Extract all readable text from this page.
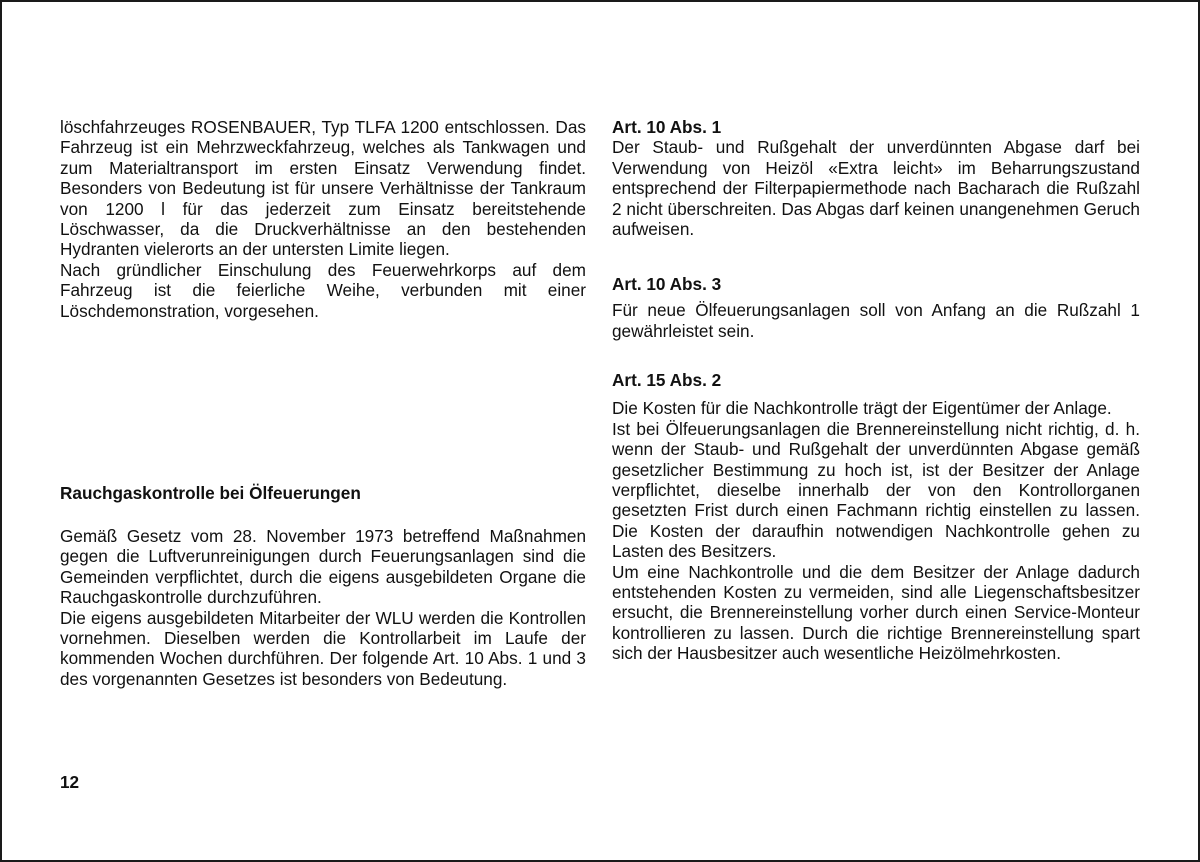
löschfahrzeuges ROSENBAUER, Typ TLFA 1200 entschlossen. Das Fahrzeug ist ein Mehrzweckfahrzeug, welches als Tankwagen und zum Materialtransport im ersten Einsatz Verwendung findet. Besonders von Bedeutung ist für unsere Verhältnisse der Tankraum von 1200 l für das jederzeit zum Einsatz bereitstehende Löschwasser, da die Druckverhältnisse an den bestehenden Hydranten vielerorts an der untersten Limite liegen.

Nach gründlicher Einschulung des Feuerwehrkorps auf dem Fahrzeug ist die feierliche Weihe, verbunden mit einer Löschdemonstration, vorgesehen.

Rauchgaskontrolle bei Ölfeuerungen

Gemäß Gesetz vom 28. November 1973 betreffend Maßnahmen gegen die Luftverunreinigungen durch Feuerungsanlagen sind die Gemeinden verpflichtet, durch die eigens ausgebildeten Organe die Rauchgaskontrolle durchzuführen.

Die eigens ausgebildeten Mitarbeiter der WLU werden die Kontrollen vornehmen. Dieselben werden die Kontrollarbeit im Laufe der kommenden Wochen durchführen. Der folgende Art. 10 Abs. 1 und 3 des vorgenannten Gesetzes ist besonders von Bedeutung.

12

Art. 10 Abs. 1

Der Staub- und Rußgehalt der unverdünnten Abgase darf bei Verwendung von Heizöl «Extra leicht» im Beharrungszustand entsprechend der Filterpapiermethode nach Bacharach die Rußzahl 2 nicht überschreiten. Das Abgas darf keinen unangenehmen Geruch aufweisen.

Art. 10 Abs. 3

Für neue Ölfeuerungsanlagen soll von Anfang an die Rußzahl 1 gewährleistet sein.

Art. 15 Abs. 2

Die Kosten für die Nachkontrolle trägt der Eigentümer der Anlage.

Ist bei Ölfeuerungsanlagen die Brennereinstellung nicht richtig, d. h. wenn der Staub- und Rußgehalt der unverdünnten Abgase gemäß gesetzlicher Bestimmung zu hoch ist, ist der Besitzer der Anlage verpflichtet, dieselbe innerhalb der von den Kontrollorganen gesetzten Frist durch einen Fachmann richtig einstellen zu lassen. Die Kosten der daraufhin notwendigen Nachkontrolle gehen zu Lasten des Besitzers.

Um eine Nachkontrolle und die dem Besitzer der Anlage dadurch entstehenden Kosten zu vermeiden, sind alle Liegenschaftsbesitzer ersucht, die Brennereinstellung vorher durch einen Service-Monteur kontrollieren zu lassen. Durch die richtige Brennereinstellung spart sich der Hausbesitzer auch wesentliche Heizölmehrkosten.
